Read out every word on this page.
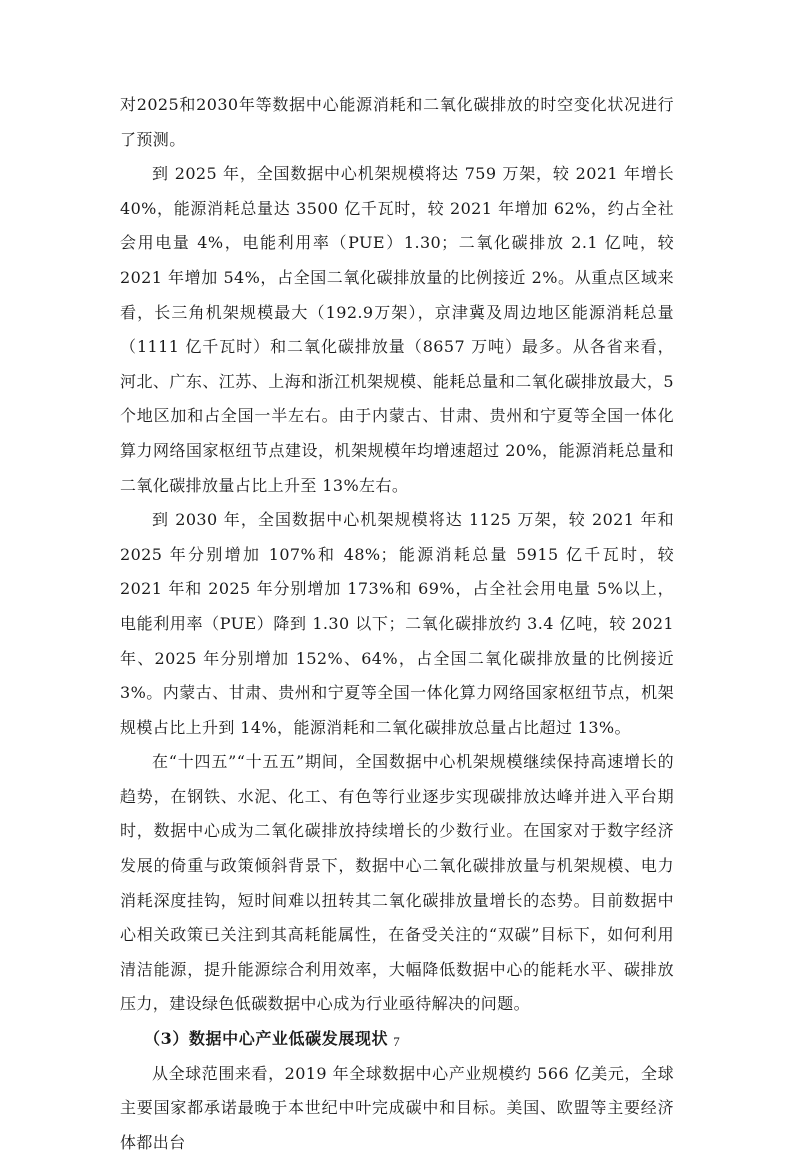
对2025和2030年等数据中心能源消耗和二氧化碳排放的时空变化状况进行了预测。

到 2025 年，全国数据中心机架规模将达 759 万架，较 2021 年增长 40%，能源消耗总量达 3500 亿千瓦时，较 2021 年增加 62%，约占全社会用电量 4%，电能利用率（PUE）1.30；二氧化碳排放 2.1 亿吨，较 2021 年增加 54%，占全国二氧化碳排放量的比例接近 2%。从重点区域来看，长三角机架规模最大（192.9万架），京津冀及周边地区能源消耗总量（1111 亿千瓦时）和二氧化碳排放量（8657 万吨）最多。从各省来看，河北、广东、江苏、上海和浙江机架规模、能耗总量和二氧化碳排放最大，5 个地区加和占全国一半左右。由于内蒙古、甘肃、贵州和宁夏等全国一体化算力网络国家枢纽节点建设，机架规模年均增速超过 20%，能源消耗总量和二氧化碳排放量占比上升至 13%左右。

到 2030 年，全国数据中心机架规模将达 1125 万架，较 2021 年和 2025 年分别增加 107%和 48%；能源消耗总量 5915 亿千瓦时，较 2021 年和 2025 年分别增加 173%和 69%，占全社会用电量 5%以上，电能利用率（PUE）降到 1.30 以下；二氧化碳排放约 3.4 亿吨，较 2021 年、2025 年分别增加 152%、64%，占全国二氧化碳排放量的比例接近 3%。内蒙古、甘肃、贵州和宁夏等全国一体化算力网络国家枢纽节点，机架规模占比上升到 14%，能源消耗和二氧化碳排放总量占比超过 13%。

在“十四五”“十五五”期间，全国数据中心机架规模继续保持高速增长的趋势，在钢铁、水泥、化工、有色等行业逐步实现碳排放达峰并进入平台期时，数据中心成为二氧化碳排放持续增长的少数行业。在国家对于数字经济发展的倚重与政策倾斜背景下，数据中心二氧化碳排放量与机架规模、电力消耗深度挂钩，短时间难以扭转其二氧化碳排放量增长的态势。目前数据中心相关政策已关注到其高耗能属性，在备受关注的“双碳”目标下，如何利用清洁能源，提升能源综合利用效率，大幅降低数据中心的能耗水平、碳排放压力，建设绿色低碳数据中心成为行业亟待解决的问题。

（3）数据中心产业低碳发展现状

从全球范围来看，2019 年全球数据中心产业规模约 566 亿美元，全球主要国家都承诺最晚于本世纪中叶完成碳中和目标。美国、欧盟等主要经济体都出台

7
